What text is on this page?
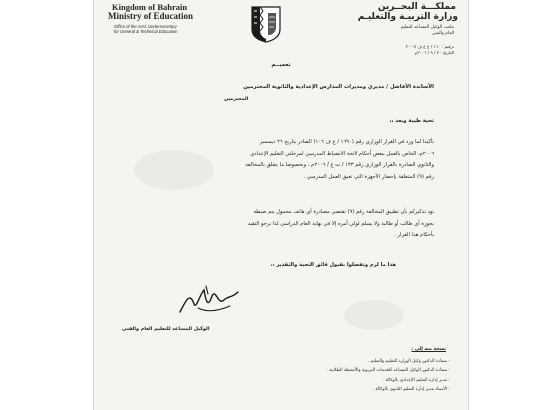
Kingdom of Bahrain
Ministry of Education
Office of the Asst. Undersecretary
for General & Technical Education
مملكـــة البحــرين
وزارة التربيـة والتعليـم
مكتب الوكيل المساعد للتعليم
العام والفني
ترقيم : ١٦٠ / ع ع ف /٢٠٠٦
التاريخ : ٣ / ٩ / ٢٠٠٦م
تعميــم
الأساتذة الأفاضل / مديري ومديرات المدارس الإعدادية والثانوية المحترمين
المحترمين
تحية طيبة وبعد ،،
تأكيدا لما ورد في القرار الوزاري رقم (١٦٩٠ / ع ف ١٠٦) الصادر بتاريخ ٢٦ ديسمبر
٢٠٠٦م، الخاص بالعمل ببعض أحكام لائحة الانضباط المدرسي لمرحلتي التعليم الإعدادي
والثانوي الصادرة بالقرار الوزاري رقم ١٣٣ / ت ع / ٢٠٠٦م ، وبخصوصا ما يتعلق بالمخالفة
رقم (٩) المتعلقة بإحضار الأجهزة التي تعيق العمل المدرسي .
نود تذكيركم بأن تطبيق المخالفة رقم (٩) تقتضي مصادرة أي هاتف محمول يتم ضبطه
بحوزة أي طالب أو طالبة ولا يسلم لولي أمره إلا في نهاية العام الدراسي لذا نرجو التقيد
بأحكام هذا القرار .
هذا ما لزم وتفضلوا بقبول فائق التحية والتقدير ،،
الوكيل المساعد للتعليم العام والفني
نسخة منه إلى :
- سعادة الدكتور وكيل الوزارة للتعليم والتعليم .
- سعادة الدكتور الوكيل المساعد للخدمات التربوية والأنشطة الطلابية .
- مدير إدارة التعليم الإعدادي بالوكالة .
- الأستاذ مدير إدارة التعليم الثانوي بالوكالة .
